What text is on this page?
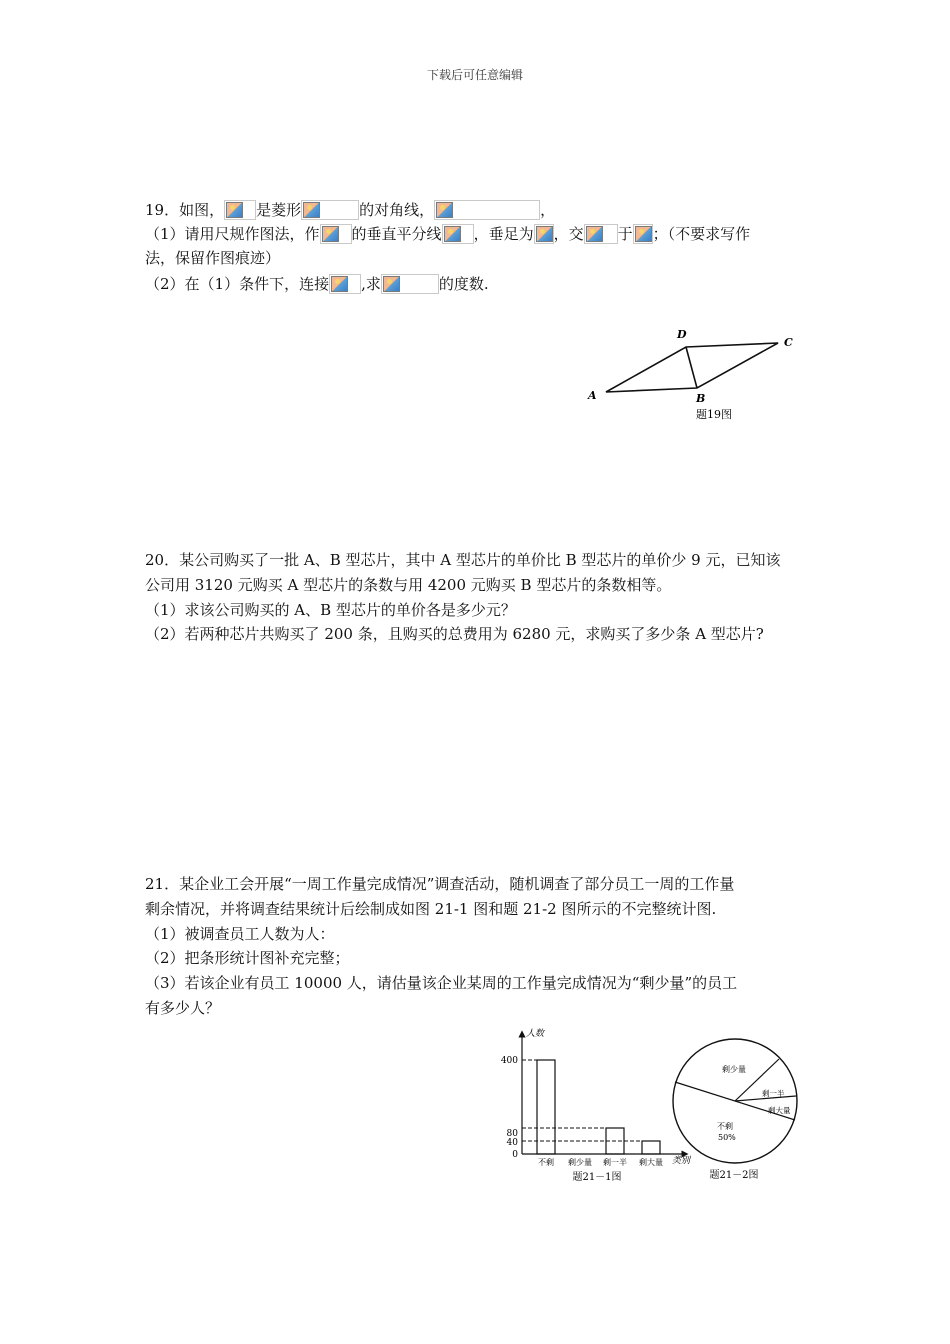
下载后可任意编辑
19．如图， 是菱形	的对角线，	，
（1）请用尺规作图法，作 的垂直平分线 ，垂足为 ，交 于 ；（不要求写作
法，保留作图痕迹）
（2）在（1）条件下，连接 ,求	的度数.
A
D
C
B
题19图
20．某公司购买了一批 A、B 型芯片，其中 A 型芯片的单价比 B 型芯片的单价少 9 元，已知该
公司用 3120 元购买 A 型芯片的条数与用 4200 元购买 B 型芯片的条数相等。
（1）求该公司购买的 A、B 型芯片的单价各是多少元？
（2）若两种芯片共购买了 200 条，且购买的总费用为 6280 元，求购买了多少条 A 型芯片?
21．某企业工会开展“一周工作量完成情况”调查活动，随机调查了部分员工一周的工作量
剩余情况，并将调查结果统计后绘制成如图 21-1 图和题 21-2 图所示的不完整统计图.
（1）被调查员工人数为人：
（2）把条形统计图补充完整；
（3）若该企业有员工 10000 人，请估量该企业某周的工作量完成情况为“剩少量”的员工
有多少人？
人数
类别
400
80
40
0
不剩 剩少量 剩一半 剩大量
题21－1图
剩少量
剩一半
剩大量
不剩
50%
题21－2图
